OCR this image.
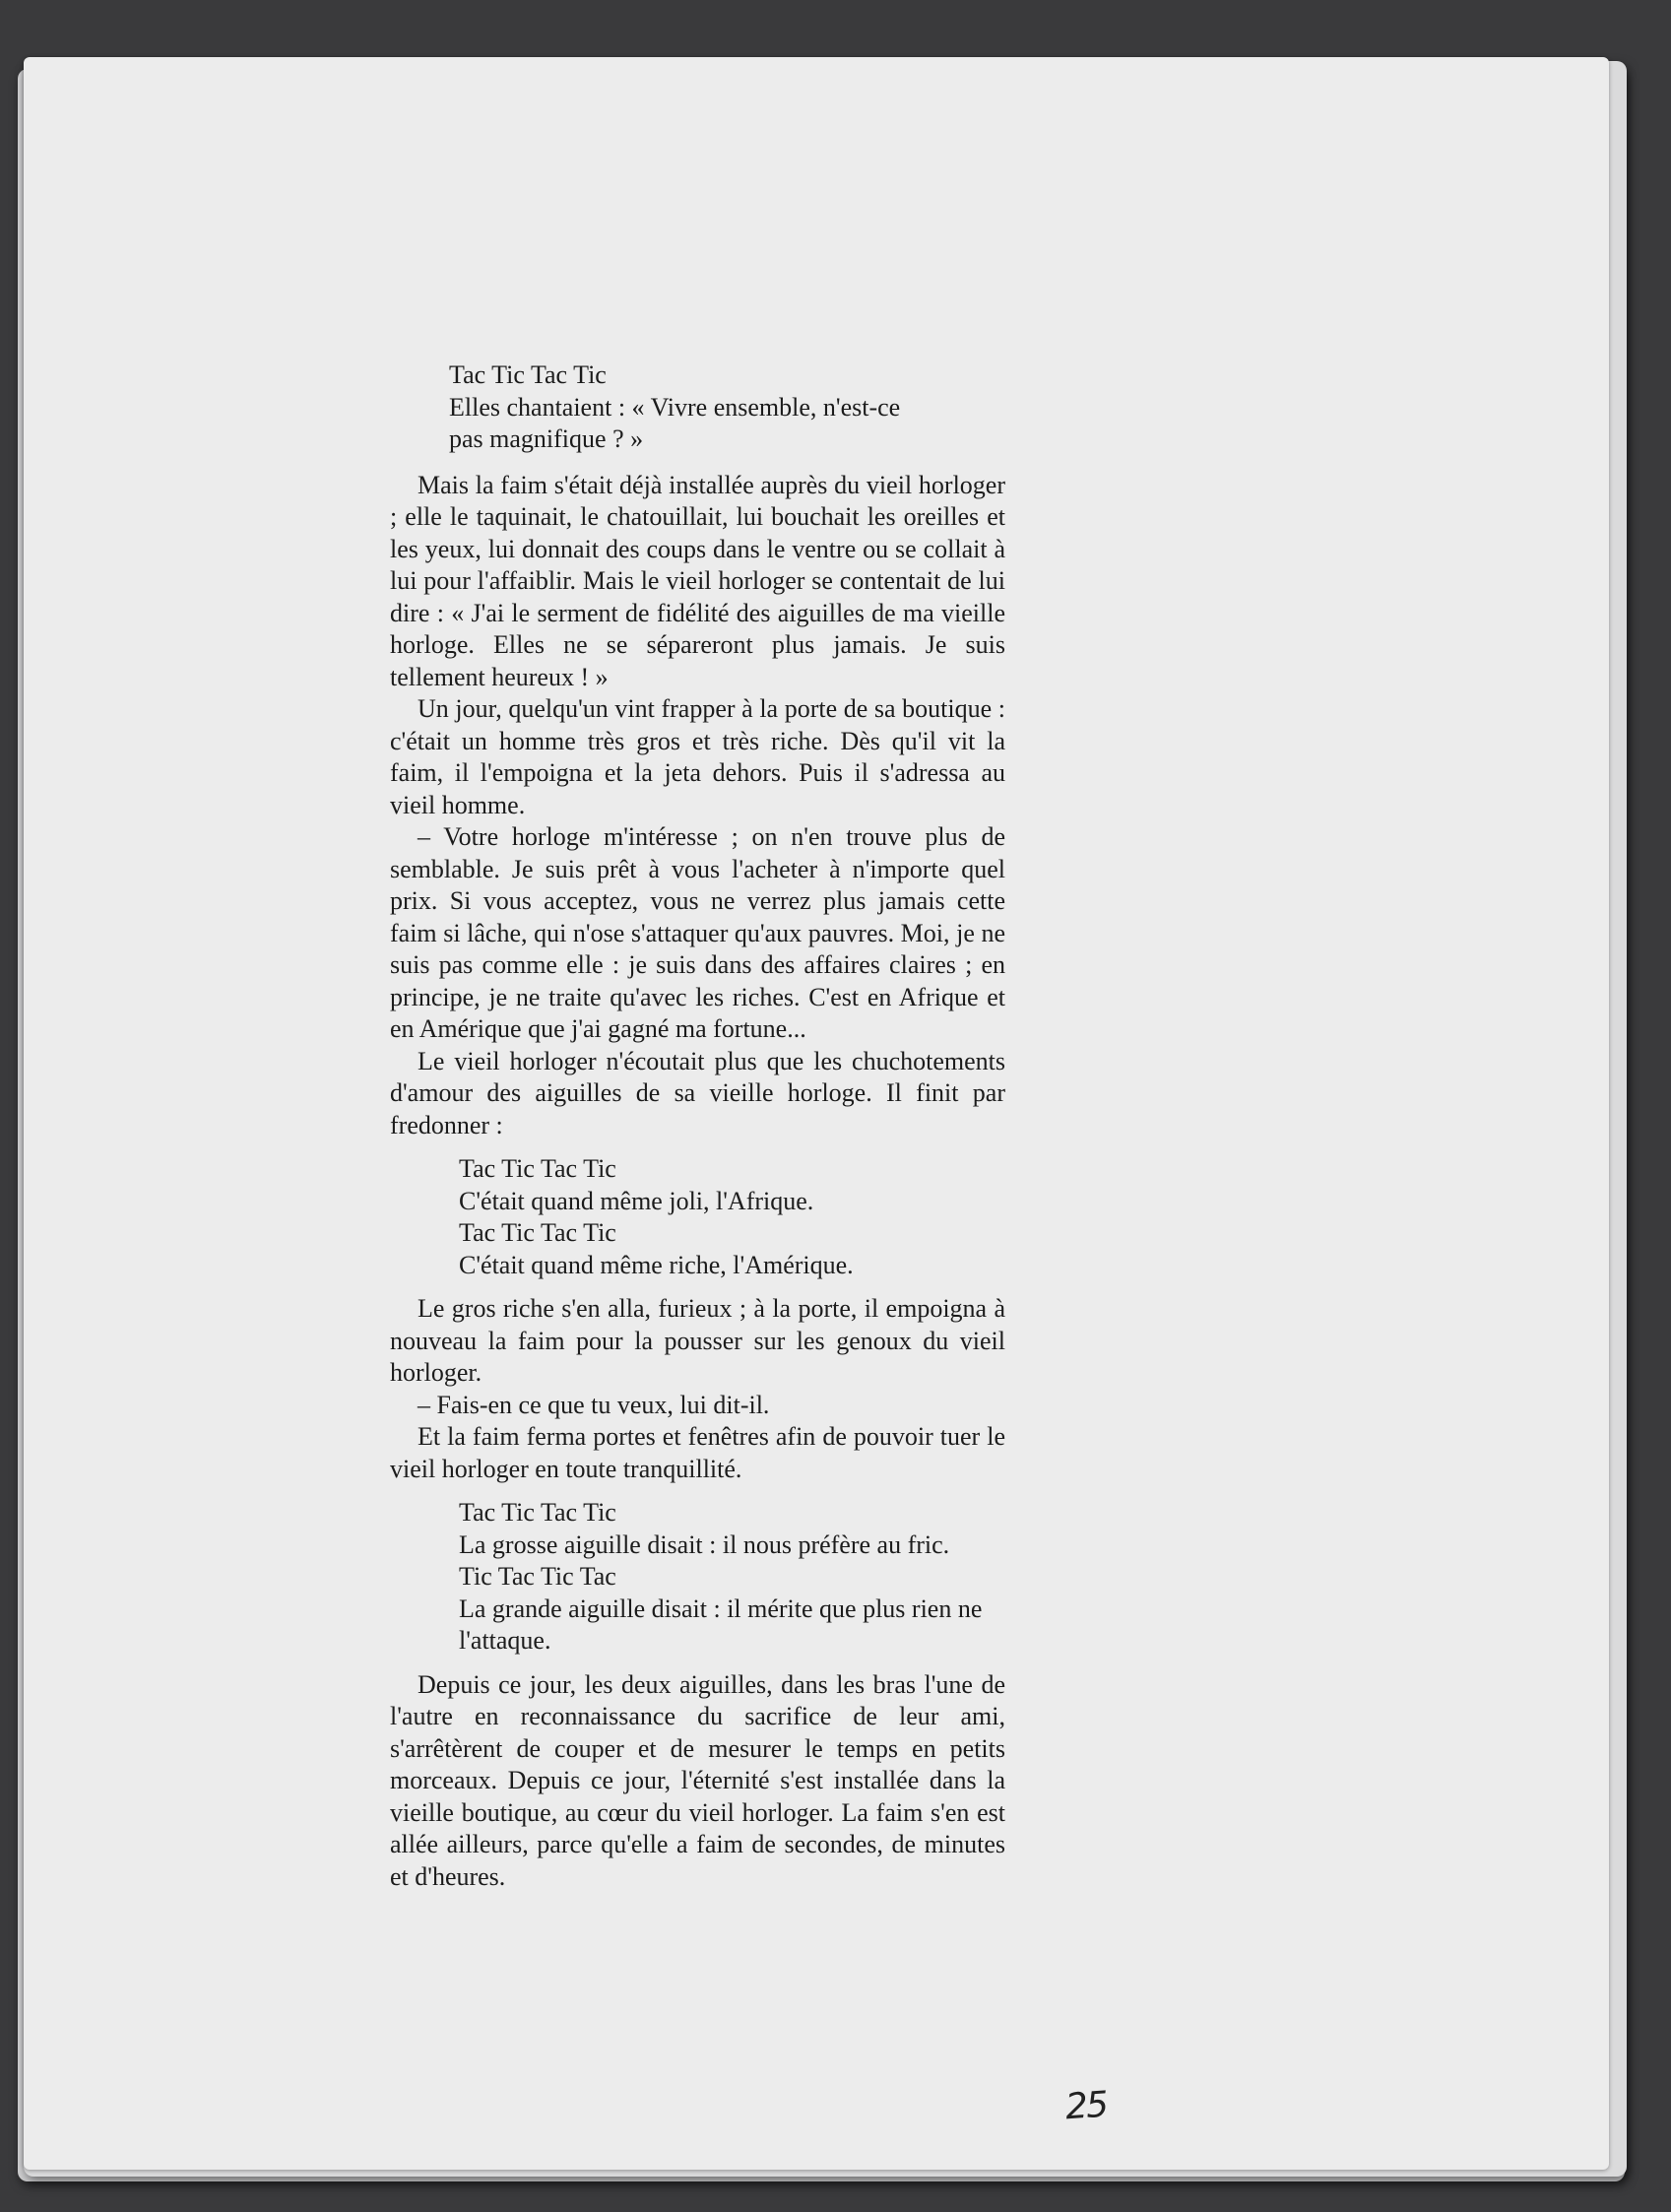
Tac Tic Tac Tic

Elles chantaient : « Vivre ensemble, n'est-ce

pas magnifique ? »

Mais la faim s'était déjà installée auprès du vieil horloger ; elle le taquinait, le chatouillait, lui bouchait les oreilles et les yeux, lui donnait des coups dans le ventre ou se collait à lui pour l'affaiblir. Mais le vieil horloger se contentait de lui dire : « J'ai le serment de fidélité des aiguilles de ma vieille horloge. Elles ne se sépareront plus jamais. Je suis tellement heureux ! »

Un jour, quelqu'un vint frapper à la porte de sa boutique : c'était un homme très gros et très riche. Dès qu'il vit la faim, il l'empoigna et la jeta dehors. Puis il s'adressa au vieil homme.

– Votre horloge m'intéresse ; on n'en trouve plus de semblable. Je suis prêt à vous l'acheter à n'importe quel prix. Si vous acceptez, vous ne verrez plus jamais cette faim si lâche, qui n'ose s'attaquer qu'aux pauvres. Moi, je ne suis pas comme elle : je suis dans des affaires claires ; en principe, je ne traite qu'avec les riches. C'est en Afrique et en Amérique que j'ai gagné ma fortune...

Le vieil horloger n'écoutait plus que les chuchotements d'amour des aiguilles de sa vieille horloge. Il finit par fredonner :

Tac Tic Tac Tic

C'était quand même joli, l'Afrique.

Tac Tic Tac Tic

C'était quand même riche, l'Amérique.

Le gros riche s'en alla, furieux ; à la porte, il empoigna à nouveau la faim pour la pousser sur les genoux du vieil horloger.

– Fais-en ce que tu veux, lui dit-il.

Et la faim ferma portes et fenêtres afin de pouvoir tuer le vieil horloger en toute tranquillité.

Tac Tic Tac Tic

La grosse aiguille disait : il nous préfère au fric.

Tic Tac Tic Tac

La grande aiguille disait : il mérite que plus rien ne l'attaque.

Depuis ce jour, les deux aiguilles, dans les bras l'une de l'autre en reconnaissance du sacrifice de leur ami, s'arrêtèrent de couper et de mesurer le temps en petits morceaux. Depuis ce jour, l'éternité s'est installée dans la vieille boutique, au cœur du vieil horloger. La faim s'en est allée ailleurs, parce qu'elle a faim de secondes, de minutes et d'heures.

25
